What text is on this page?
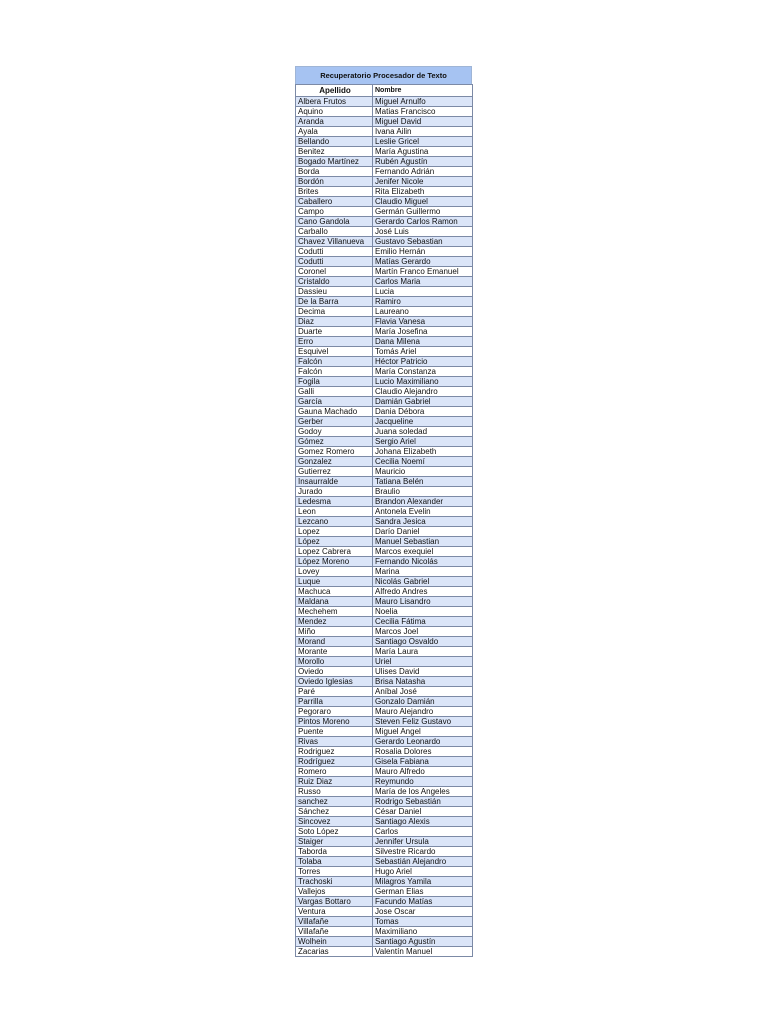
Recuperatorio Procesador de Texto
Apellido	Nombre
Albera Frutos	Miguel Arnulfo
Aquino	Matias Francisco
Aranda	Miguel David
Ayala	Ivana Ailin
Bellando	Leslie Gricel
Benitez	María Agustina
Bogado Martínez	Rubén Agustín
Borda	Fernando Adrián
Bordón	Jenifer Nicole
Brites	Rita Elizabeth
Caballero	Claudio Miguel
Campo	Germán Guillermo
Cano Gandola	Gerardo Carlos Ramon
Carballo	José Luis
Chavez Villanueva	Gustavo Sebastian
Codutti	Emilio Hernán
Codutti	Matías Gerardo
Coronel	Martín Franco Emanuel
Cristaldo	Carlos Maria
Dassieu	Lucia
De la Barra	Ramiro
Decima	Laureano
Diaz	Flavia Vanesa
Duarte	María Josefina
Erro	Dana Milena
Esquivel	Tomás Ariel
Falcón	Héctor Patricio
Falcón	María Constanza
Fogila	Lucio Maximiliano
Galli	Claudio Alejandro
García	Damián Gabriel
Gauna Machado	Dania Débora
Gerber	Jacqueline
Godoy	Juana soledad
Gómez	Sergio Ariel
Gomez Romero	Johana Elizabeth
Gonzalez	Cecilia Noemí
Gutierrez	Mauricio
Insaurralde	Tatiana Belén
Jurado	Braulio
Ledesma	Brandon Alexander
Leon	Antonela Evelin
Lezcano	Sandra Jesica
Lopez	Darío Daniel
López	Manuel Sebastian
Lopez Cabrera	Marcos exequiel
López Moreno	Fernando Nicolás
Lovey	Marina
Luque	Nicolás Gabriel
Machuca	Alfredo Andres
Maldana	Mauro Lisandro
Mechehem	Noelia
Mendez	Cecilia Fátima
Miño	Marcos Joel
Morand	Santiago Osvaldo
Morante	María Laura
Morollo	Uriel
Oviedo	Ulises David
Oviedo Iglesias	Brisa Natasha
Paré	Aníbal José
Parrilla	Gonzalo Damián
Pegoraro	Mauro Alejandro
Pintos Moreno	Steven Feliz Gustavo
Puente	Miguel Angel
Rivas	Gerardo Leonardo
Rodriguez	Rosalia Dolores
Rodríguez	Gisela Fabiana
Romero	Mauro Alfredo
Ruiz Diaz	Reymundo
Russo	María de los Angeles
sanchez	Rodrigo Sebastián
Sánchez	César Daniel
Sincovez	Santiago Alexis
Soto López	Carlos
Staiger	Jennifer Ursula
Taborda	Silvestre Ricardo
Tolaba	Sebastián Alejandro
Torres	Hugo Ariel
Trachoski	Milagros Yamila
Vallejos	German Elias
Vargas Bottaro	Facundo Matías
Ventura	Jose Oscar
Villafañe	Tomas
Villafañe	Maximiliano
Wolhein	Santiago Agustín
Zacarias	Valentín Manuel
